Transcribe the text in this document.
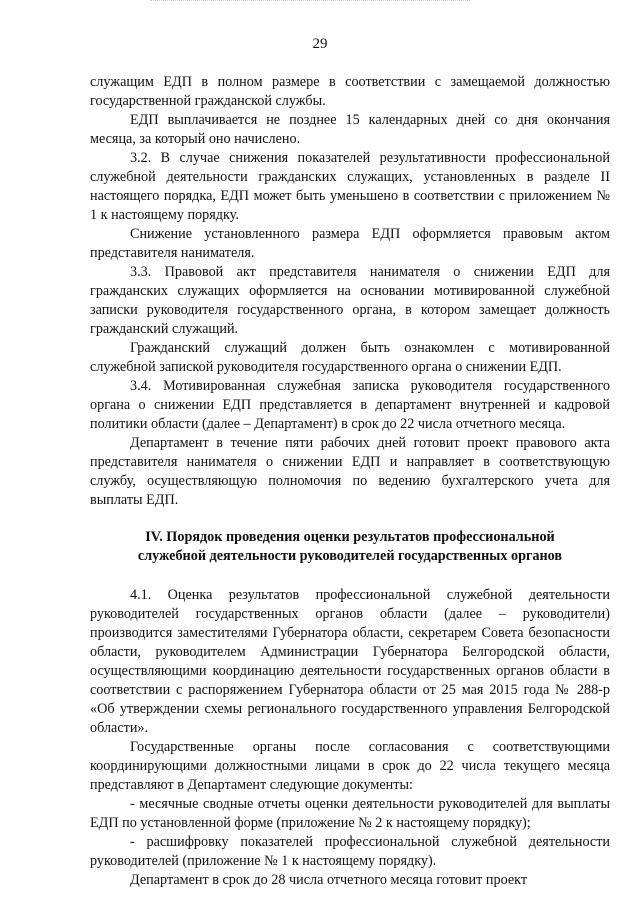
29

служащим ЕДП в полном размере в соответствии с замещаемой должностью государственной гражданской службы.

ЕДП выплачивается не позднее 15 календарных дней со дня окончания месяца, за который оно начислено.

3.2. В случае снижения показателей результативности профессиональной служебной деятельности гражданских служащих, установленных в разделе II настоящего порядка, ЕДП может быть уменьшено в соответствии с приложением № 1 к настоящему порядку.

Снижение установленного размера ЕДП оформляется правовым актом представителя нанимателя.

3.3. Правовой акт представителя нанимателя о снижении ЕДП для гражданских служащих оформляется на основании мотивированной служебной записки руководителя государственного органа, в котором замещает должность гражданский служащий.

Гражданский служащий должен быть ознакомлен с мотивированной служебной запиской руководителя государственного органа о снижении ЕДП.

3.4. Мотивированная служебная записка руководителя государственного органа о снижении ЕДП представляется в департамент внутренней и кадровой политики области (далее – Департамент) в срок до 22 числа отчетного месяца.

Департамент в течение пяти рабочих дней готовит проект правового акта представителя нанимателя о снижении ЕДП и направляет в соответствующую службу, осуществляющую полномочия по ведению бухгалтерского учета для выплаты ЕДП.

IV. Порядок проведения оценки результатов профессиональной
служебной деятельности руководителей государственных органов

4.1. Оценка результатов профессиональной служебной деятельности руководителей государственных органов области (далее – руководители) производится заместителями Губернатора области, секретарем Совета безопасности области, руководителем Администрации Губернатора Белгородской области, осуществляющими координацию деятельности государственных органов области в соответствии с распоряжением Губернатора области от 25 мая 2015 года № 288-р «Об утверждении схемы регионального государственного управления Белгородской области».

Государственные органы после согласования с соответствующими координирующими должностными лицами в срок до 22 числа текущего месяца представляют в Департамент следующие документы:

- месячные сводные отчеты оценки деятельности руководителей для выплаты ЕДП по установленной форме (приложение № 2 к настоящему порядку);

- расшифровку показателей профессиональной служебной деятельности руководителей (приложение № 1 к настоящему порядку).

Департамент в срок до 28 числа отчетного месяца готовит проект
